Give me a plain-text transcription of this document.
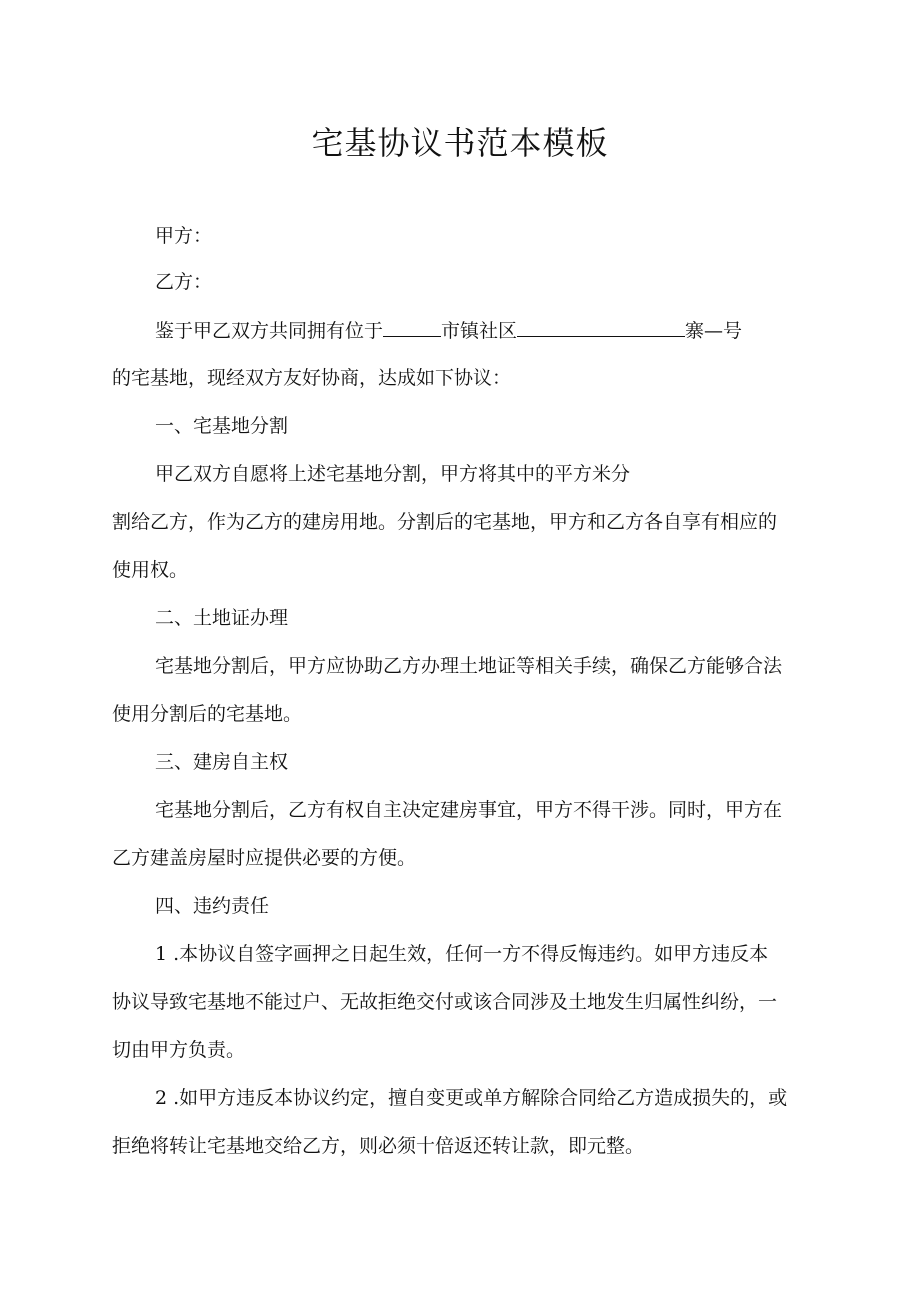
宅基协议书范本模板

甲方：

乙方：

鉴于甲乙双方共同拥有位于	市镇社区	寨—号

的宅基地，现经双方友好协商，达成如下协议：

一、宅基地分割

甲乙双方自愿将上述宅基地分割，甲方将其中的平方米分

割给乙方，作为乙方的建房用地。分割后的宅基地，甲方和乙方各自享有相应的

使用权。

二、土地证办理

宅基地分割后，甲方应协助乙方办理土地证等相关手续，确保乙方能够合法

使用分割后的宅基地。

三、建房自主权

宅基地分割后，乙方有权自主决定建房事宜，甲方不得干涉。同时，甲方在

乙方建盖房屋时应提供必要的方便。

四、违约责任

1 .本协议自签字画押之日起生效，任何一方不得反悔违约。如甲方违反本

协议导致宅基地不能过户、无故拒绝交付或该合同涉及土地发生归属性纠纷，一

切由甲方负责。

2 .如甲方违反本协议约定，擅自变更或单方解除合同给乙方造成损失的，或

拒绝将转让宅基地交给乙方，则必须十倍返还转让款，即元整。
